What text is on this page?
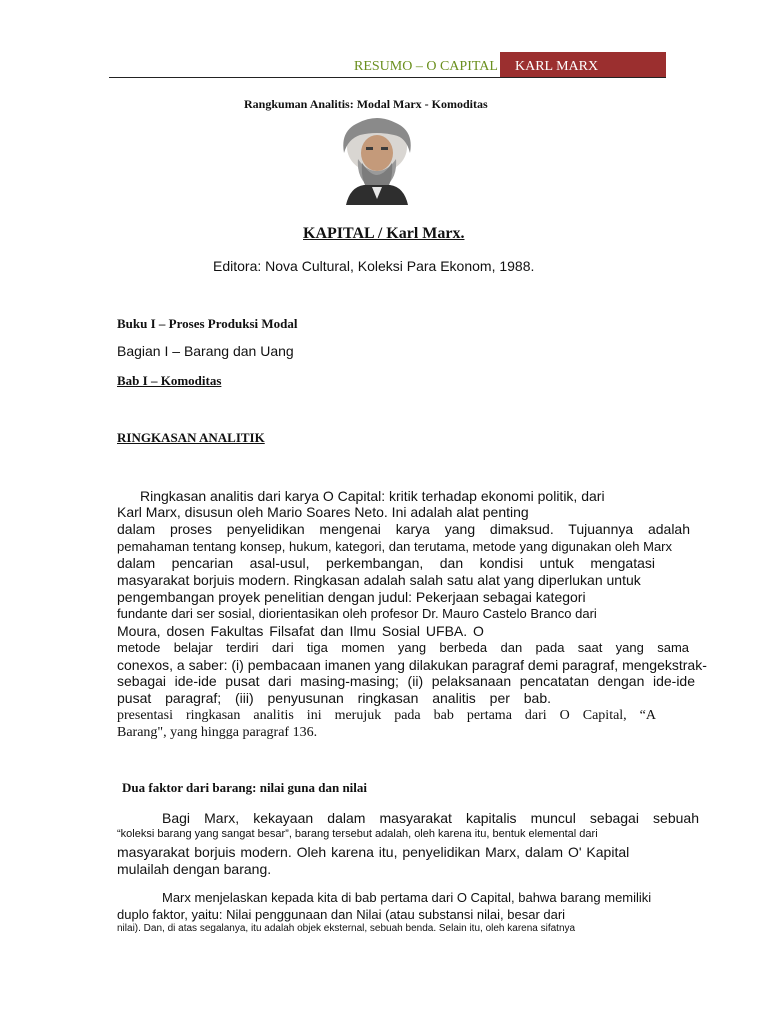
RESUMO – O CAPITAL KARL MARX
Rangkuman Analitis: Modal Marx - Komoditas
KAPITAL / Karl Marx.
Editora: Nova Cultural, Koleksi Para Ekonom, 1988.
Buku I – Proses Produksi Modal
Bagian I – Barang dan Uang
Bab I – Komoditas
RINGKASAN ANALITIK
Ringkasan analitis dari karya O Capital: kritik terhadap ekonomi politik, dari
Karl Marx, disusun oleh Mario Soares Neto. Ini adalah alat penting
dalam proses penyelidikan mengenai karya yang dimaksud. Tujuannya adalah
pemahaman tentang konsep, hukum, kategori, dan terutama, metode yang digunakan oleh Marx
dalam pencarian asal-usul, perkembangan, dan kondisi untuk mengatasi
masyarakat borjuis modern. Ringkasan adalah salah satu alat yang diperlukan untuk
pengembangan proyek penelitian dengan judul: Pekerjaan sebagai kategori
fundante dari ser sosial, diorientasikan oleh profesor Dr. Mauro Castelo Branco dari
Moura, dosen Fakultas Filsafat dan Ilmu Sosial UFBA. O
metode belajar terdiri dari tiga momen yang berbeda dan pada saat yang sama
conexos, a saber: (i) pembacaan imanen yang dilakukan paragraf demi paragraf, mengekstrak-
sebagai ide-ide pusat dari masing-masing; (ii) pelaksanaan pencatatan dengan ide-ide
pusat paragraf; (iii) penyusunan ringkasan analitis per bab.
presentasi ringkasan analitis ini merujuk pada bab pertama dari O Capital, “A
Barang", yang hingga paragraf 136.
Dua faktor dari barang: nilai guna dan nilai
Bagi Marx, kekayaan dalam masyarakat kapitalis muncul sebagai sebuah
“koleksi barang yang sangat besar”, barang tersebut adalah, oleh karena itu, bentuk elemental dari
masyarakat borjuis modern. Oleh karena itu, penyelidikan Marx, dalam O' Kapital
mulailah dengan barang.
Marx menjelaskan kepada kita di bab pertama dari O Capital, bahwa barang memiliki
duplo faktor, yaitu: Nilai penggunaan dan Nilai (atau substansi nilai, besar dari
nilai). Dan, di atas segalanya, itu adalah objek eksternal, sebuah benda. Selain itu, oleh karena sifatnya
